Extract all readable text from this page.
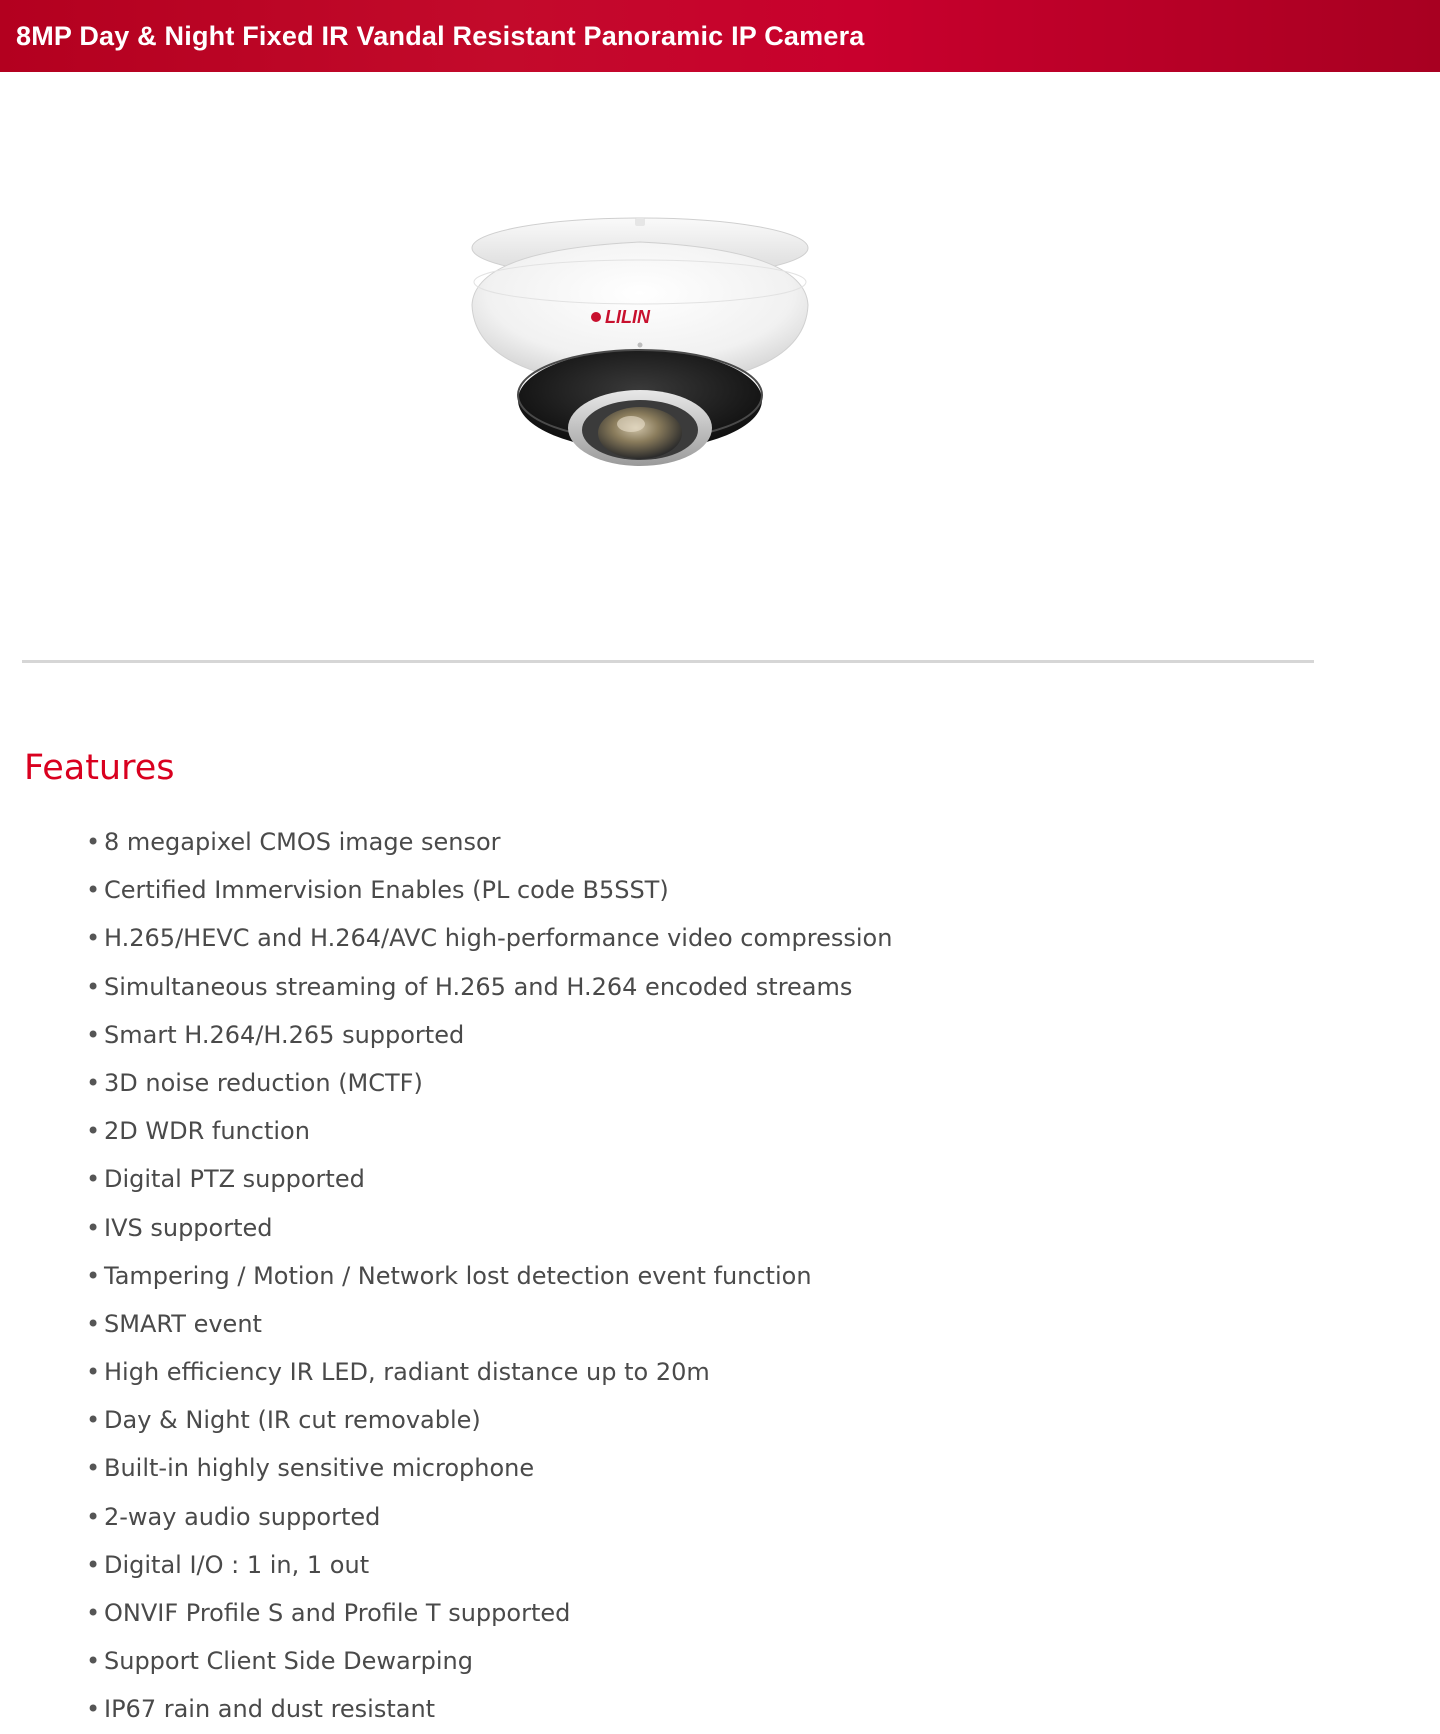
8MP Day & Night Fixed IR Vandal Resistant Panoramic IP Camera
LILIN
Features
• 8 megapixel CMOS image sensor
• Certified Immervision Enables (PL code B5SST)
• H.265/HEVC and H.264/AVC high-performance video compression
• Simultaneous streaming of H.265 and H.264 encoded streams
• Smart H.264/H.265 supported
• 3D noise reduction (MCTF)
• 2D WDR function
• Digital PTZ supported
• IVS supported
• Tampering / Motion / Network lost detection event function
• SMART event
• High efficiency IR LED, radiant distance up to 20m
• Day & Night (IR cut removable)
• Built-in highly sensitive microphone
• 2-way audio supported
• Digital I/O : 1 in, 1 out
• ONVIF Profile S and Profile T supported
• Support Client Side Dewarping
• IP67 rain and dust resistant
